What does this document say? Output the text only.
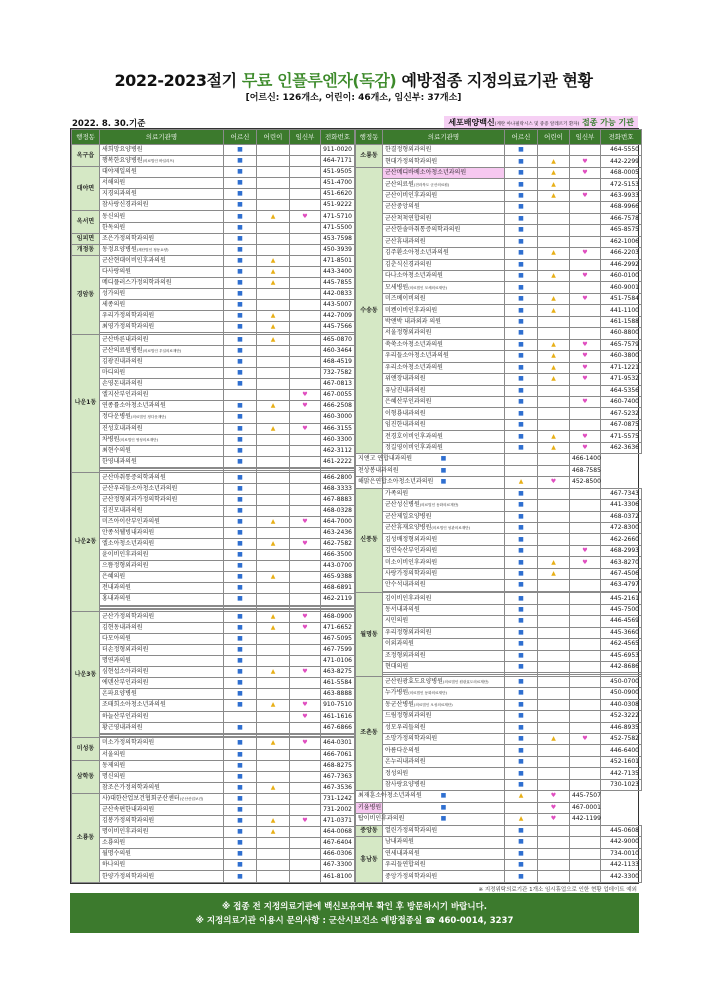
2022-2023절기 무료 인플루엔자(독감) 예방접종 지정의료기관 현황
[어르신: 126개소, 어린이: 46개소, 임신부: 37개소]
2022. 8. 30.기준	세포배양백신(계란 아나필락시스 및 중증 알레르기 환자) 접종 가능 기관
행정동	의료기관명	어르신	어린이	임신부	전화번호
옥구읍	새희망요양병원	■			911-0020
	행복한요양병원(의료법인 바일리프)	■			464-7171
대야면	대야제일의원	■			451-9505
	서해의원	■			451-4700
	지경의과의원	■			451-6620
	참사랑신경과의원	■			451-9222
옥서면	동신의원	■	▲	♥	471-5710
	한독의원	■			471-5500
임피면	조은가정의학과의원	■			453-7598
개정동	동정요양병원(재단법인 정동요양)	■			450-3939
경암동	군산현대이비인후과의원	■	▲		471-8501
	다사랑의원	■	▲		443-3400
	메디플러스가정의학과의원	■	▲		445-7855
	성가의원	■			442-0833
	세종의원	■			443-5007
	우리가정의학과의원	■	▲		442-7009
	최영가정의학과의원	■	▲		445-7566

나운1동	군산바른내과의원	■	▲		465-0870
	군산의료원병원(의료법인 우일의료재단)	■			460-3464
	김광진내과의원	■			468-4519
	마디의원	■			732-7582
	손영돈내과의원	■			467-0813
	엘지산부인과의원			♥	467-0055
	연종률소아청소년과의원	■	▲	♥	466-2508
	정다운병원(의료법인 정다운재단)	■			460-3000
	진성호내과의원	■	▲	♥	466-3155
	차병원(의료법인 영성의료재단)	■			460-3300
	최현수의원	■			462-3112
	한영내과의원	■			461-2222

나운2동	군산마취통증의학과의원	■			466-2800
	군산우리들소아청소년과의원	■			468-3333
	군산정형외과가정의학과의원	■			467-8883
	김진모내과의원	■			468-0328
	미즈아이산부인과의원	■	▲	♥	464-7000
	안종석웰빙내과의원	■			463-2436
	엘소아청소년과의원	■	▲	♥	462-7582
	윤이비인후과의원	■			466-3500
	으뜸정형외과의원	■			443-0700
	은혜의원	■	▲		465-9388
	전내과의원	■			468-6891
	홍내과의원	■			462-2119

나운3동	군산가정의학과의원	■	▲	♥	468-0900
	김현동내과의원	■	▲	♥	471-6652
	다모아의원	■			467-5095
	더손정형외과의원	■			467-7599
	명연과의원	■			471-0106
	심현섭소아과의원	■	▲	♥	463-8275
	에덴산부인과의원	■			461-5584
	온파요양병원	■			463-8888
	조태희소아청소년과의원	■	▲	♥	910-7510
	하늘산부인과의원			♥	461-1616
	황근영내과의원	■			467-6866

미성동	미소가정의학과의원	■	▲	♥	464-0301
	서울의원	■			466-7061
삼학동	동제의원	■			468-8275
	명신의원	■			467-7363
	참조은가정의학과의원	■	▲		467-3536
소룡동	사)대한산업보건협회군산센터(군산산업보건)	■			731-1242
	군산속편한내과의원	■			731-2002
	김봉가정의학과의원	■	▲	♥	471-0371
	명이비인후과의원	■	▲		464-0068
	소룡의원	■			467-6404
	월명수의원	■			466-0306
	하나의원	■			467-3300
	한양가정의학과의원	■			461-8100
행정동	의료기관명	어르신	어린이	임신부	전화번호
소룡동	한결정형외과의원	■			464-5550
	현대가정의학과의원	■	▲	♥	442-2299
수송동	군산메디바베소아청소년과의원	■	▲	♥	468-0005
	군산의료원(전라북도 군산의료원)	■	▲		472-5153
	군산이비인후과의원	■	▲	♥	463-9933
	군산중앙의원	■			468-9966
	군산척척연합의원	■			466-7578
	군산한솔마취통증의학과의원	■			465-8575
	군산휴내과의원	■			462-1006
	김주환소아청소년과의원	■	▲	♥	466-2203
	김춘식신경과의원	■			446-2992
	다나소아청소년과의원	■	▲	♥	460-0100
	모세병원(의료법인 모세의료재단)	■			460-9001
	미즈베이비의원	■	▲	♥	451-7584
	미켄이비인후과의원	■	▲		441-1100
	박앤박 내과외과 의원	■			461-1588
	서울정형외과의원	■			460-8800
	쑥쑥소아청소년과의원	■	▲	♥	465-7579
	우리들소아청소년과의원	■	▲	♥	460-3800
	우리소아청소년과의원	■	▲	♥	471-1221
	위앤장내과의원	■	▲	♥	471-9532
	유남진내과의원	■			464-5356
	은혜산부인과의원	■		♥	460-7400
	이형룡내과의원	■			467-5232
	임진한내과의원	■			467-0875
	전경호이비인후과의원	■	▲	♥	471-5575
	정길영이비인후과의원	■	▲	♥	462-3636
지앤고 연합내과의원	■			466-1400	
천상봉내과의원	■			468-7585	
해맑은연합소아청소년과의원	■	▲	♥	452-8500	
신풍동	가족의원	■			467-7343
	군산성신병원(의료법인 동화의료재단)	■			441-3306
	군산제일요양병원	■			468-0372
	군산휴재요양병원(의료법인 성관의료재단)	■			472-8300
	김성배정형외과의원	■			462-2660
	김연숙산부인과의원	■		♥	468-2993
	미소이비인후과의원	■	▲	♥	463-8270
	사랑가정의학과의원	■	▲		467-4506
	안수석내과의원	■			463-4797

월명동	김이비인후과의원	■			445-2161
	동서내과의원	■			445-7500
	시민의원	■			446-4569
	우리정형외과의원	■			445-3660
	이외과의원	■			462-4565
	조정형외과의원	■			445-6953
	현대의원	■			442-8686

조촌동	군산원광효도요양병원(의료법인 원광효도의료재단)	■			450-0700
	누가병원(의료법인 동화의료재단)	■			450-0900
	동군산병원(의료법인 오성의료재단)	■			440-0308
	드림정형외과의원	■			452-3222
	성모우리들의원	■			446-8935
	소망가정의학과의원	■	▲	♥	452-7582
	아름다운의원	■			446-6400
	온누리내과의원	■			452-1601
	정성의원	■			442-7135
	참사랑요양병원	■			730-1023
최재훈소아청소년과의원	■	▲	♥	445-7507	
키움병원	■		♥	467-0001	
탑이비인후과의원	■	▲	♥	442-1199	
중앙동	열린가정의학과의원	■			445-0608
흥남동	남내과의원	■			442-9000
	연세내과의원	■			734-0010
	우리들연합의원	■			442-1133
	중앙가정의학과의원	■			442-3300
※ 지정위탁의료기관 1개소 임시휴업으로 인한 현황 업데이트 예외
※ 접종 전 지정의료기관에 백신보유여부 확인 후 방문하시기 바랍니다.
※ 지정의료기관 이용시 문의사항 : 군산시보건소 예방접종실 ☎ 460-0014, 3237
